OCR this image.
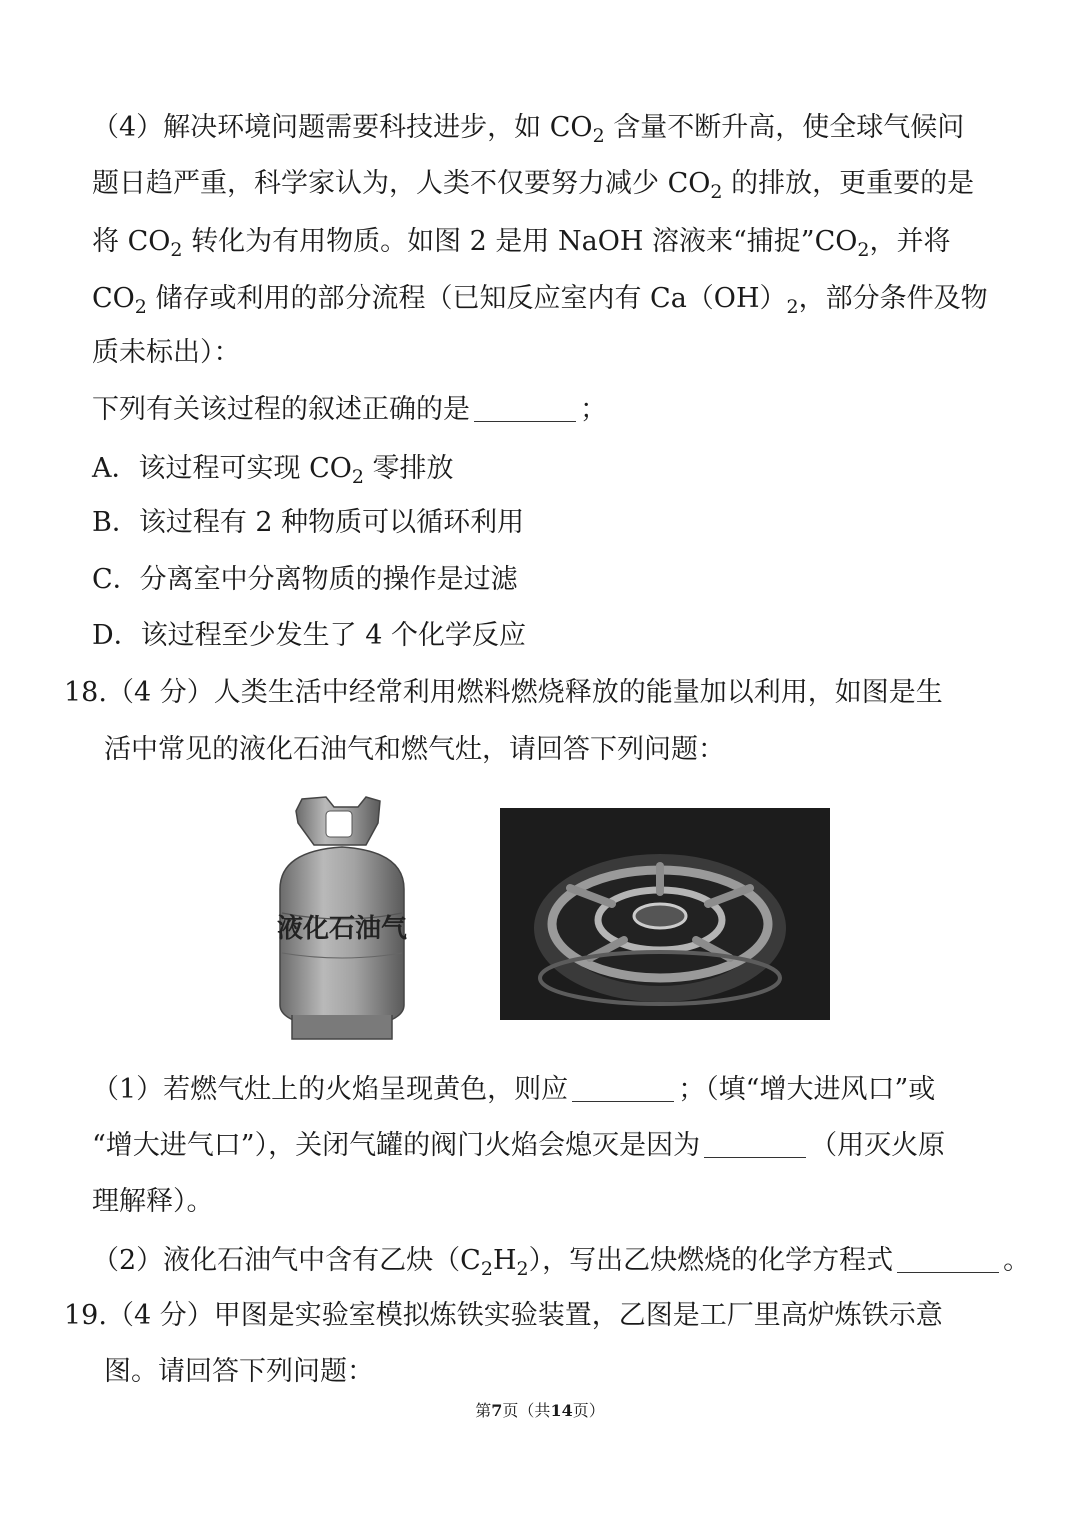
（4）解决环境问题需要科技进步，如 $CO_2$ 含量不断升高，使全球气候问
题日趋严重，科学家认为，人类不仅要努力减少 $CO_2$ 的排放，更重要的是
将 $CO_2$ 转化为有用物质。如图 2 是用 NaOH 溶液来“捕捉$”CO_2$，并将
$CO_2$ 储存或利用的部分流程（已知反应室内有 $Ca(OH)_2$，部分条件及物
质未标出）：
下列有关该过程的叙述正确的是	；
A．该过程可实现 $CO_2$ 零排放
B．该过程有 2 种物质可以循环利用
C．分离室中分离物质的操作是过滤
D．该过程至少发生了 4 个化学反应
18.（4 分）人类生活中经常利用燃料燃烧释放的能量加以利用，如图是生
活中常见的液化石油气和燃气灶，请回答下列问题：
液化石油气
（1）若燃气灶上的火焰呈现黄色，则应	；（填“增大进风口”或
“增大进气口”），关闭气罐的阀门火焰会熄灭是因为	（用灭火原
理解释）。
（2）液化石油气中含有乙炔$(C_2H_2)$，写出乙炔燃烧的化学方程式	。
19.（4 分）甲图是实验室模拟炼铁实验装置，乙图是工厂里高炉炼铁示意
图。请回答下列问题：
第7页（共14页）
